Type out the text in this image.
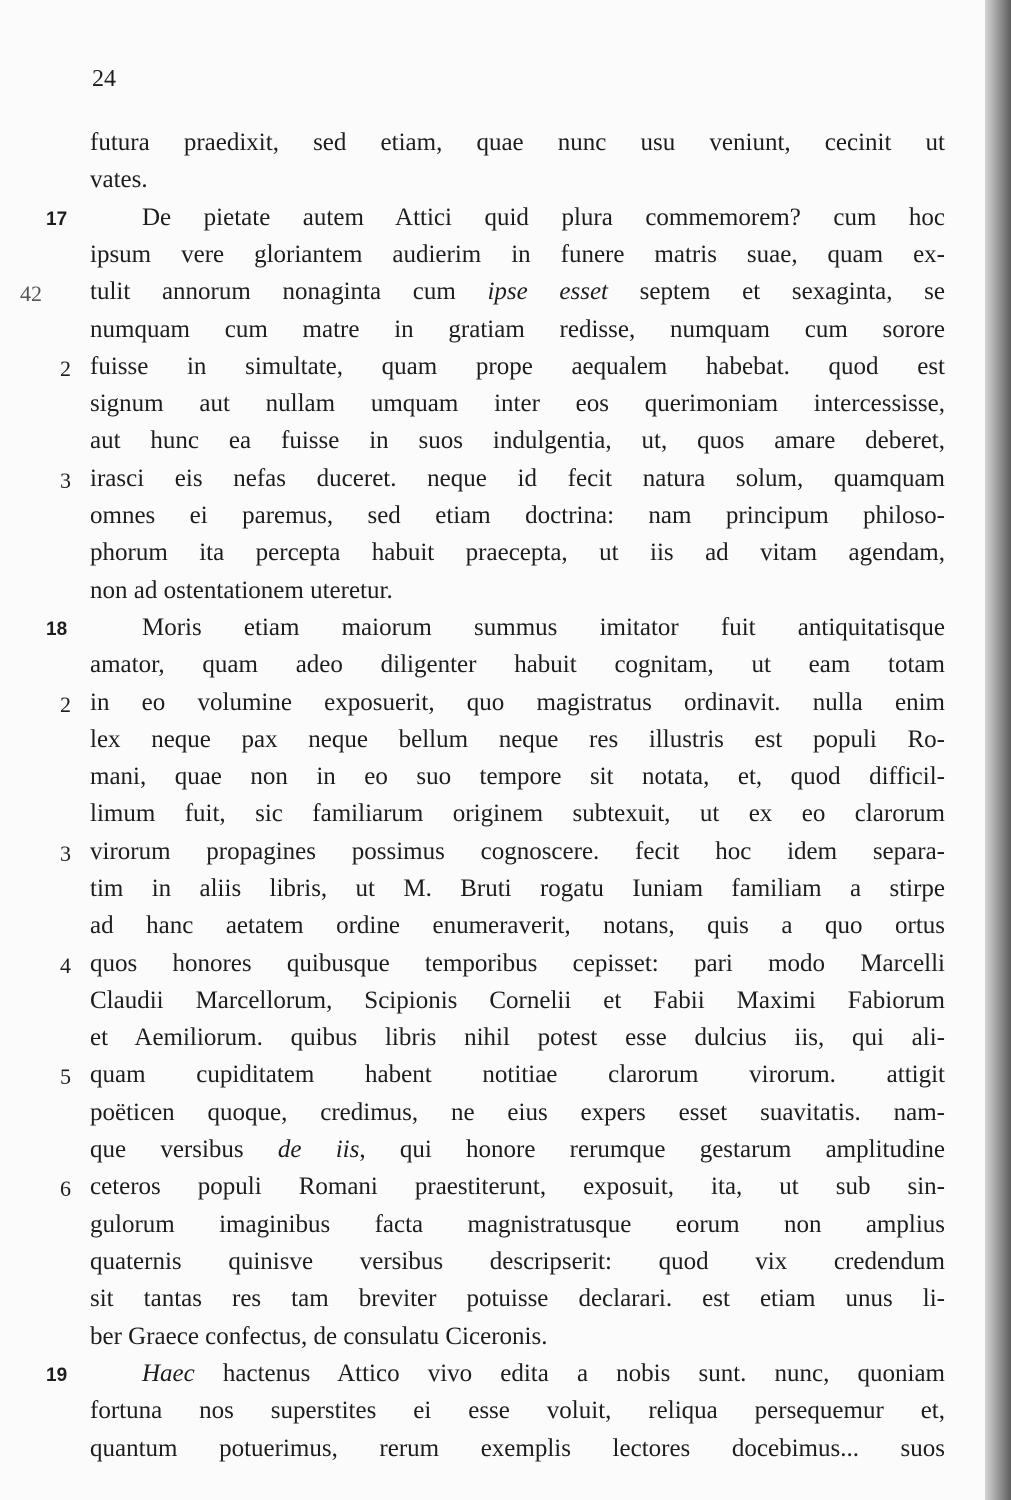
24
futura praedixit, sed etiam, quae nunc usu veniunt, cecinit ut
vates.
17	De pietate autem Attici quid plura commemorem? cum hoc
ipsum vere gloriantem audierim in funere matris suae, quam ex-
42 tulit annorum nonaginta cum ipse esset septem et sexaginta, se
numquam cum matre in gratiam redisse, numquam cum sorore
2 fuisse in simultate, quam prope aequalem habebat. quod est
signum aut nullam umquam inter eos querimoniam intercessisse,
aut hunc ea fuisse in suos indulgentia, ut, quos amare deberet,
3 irasci eis nefas duceret. neque id fecit natura solum, quamquam
omnes ei paremus, sed etiam doctrina: nam principum philoso-
phorum ita percepta habuit praecepta, ut iis ad vitam agendam,
non ad ostentationem uteretur.
18	Moris etiam maiorum summus imitator fuit antiquitatisque
amator, quam adeo diligenter habuit cognitam, ut eam totam
2 in eo volumine exposuerit, quo magistratus ordinavit. nulla enim
lex neque pax neque bellum neque res illustris est populi Ro-
mani, quae non in eo suo tempore sit notata, et, quod difficil-
limum fuit, sic familiarum originem subtexuit, ut ex eo clarorum
3 virorum propagines possimus cognoscere. fecit hoc idem separa-
tim in aliis libris, ut M. Bruti rogatu Iuniam familiam a stirpe
ad hanc aetatem ordine enumeraverit, notans, quis a quo ortus
4 quos honores quibusque temporibus cepisset: pari modo Marcelli
Claudii Marcellorum, Scipionis Cornelii et Fabii Maximi Fabiorum
et Aemiliorum. quibus libris nihil potest esse dulcius iis, qui ali-
5 quam cupiditatem habent notitiae clarorum virorum. attigit
poëticen quoque, credimus, ne eius expers esset suavitatis. nam-
que versibus de iis, qui honore rerumque gestarum amplitudine
6 ceteros populi Romani praestiterunt, exposuit, ita, ut sub sin-
gulorum imaginibus facta magnistratusque eorum non amplius
quaternis quinisve versibus descripserit: quod vix credendum
sit tantas res tam breviter potuisse declarari. est etiam unus li-
ber Graece confectus, de consulatu Ciceronis.
19	Haec hactenus Attico vivo edita a nobis sunt. nunc, quoniam
fortuna nos superstites ei esse voluit, reliqua persequemur et,
quantum potuerimus, rerum exemplis lectores docebimus... suos
